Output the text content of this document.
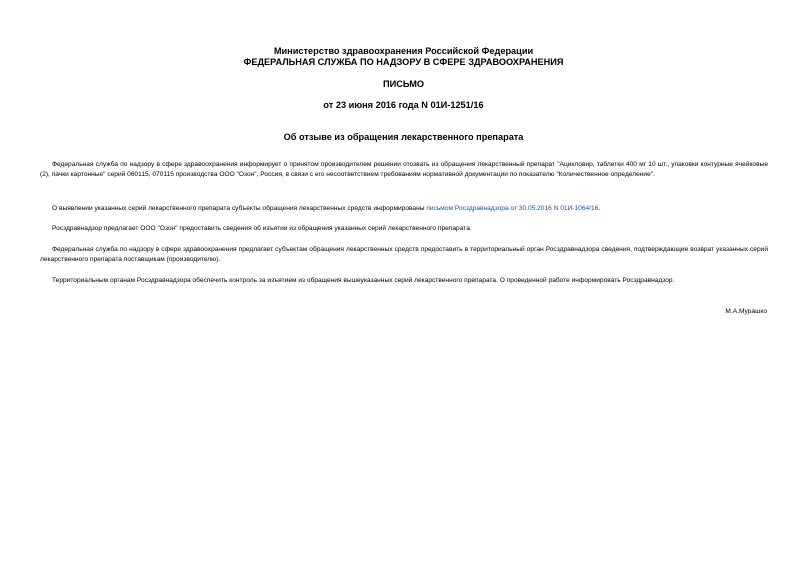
Министерство здравоохранения Российской Федерации
ФЕДЕРАЛЬНАЯ СЛУЖБА ПО НАДЗОРУ В СФЕРЕ ЗДРАВООХРАНЕНИЯ
ПИСЬМО
от 23 июня 2016 года N 01И-1251/16
Об отзыве из обращения лекарственного препарата

Федеральная служба по надзору в сфере здравоохранения информирует о принятом производителем решении отозвать из обращения лекарственный препарат "Ацикловир, таблетки 400 мг 10 шт., упаковки контурные ячейковые (2), пачки картонные" серий 060115, 070115 производства ООО "Озон", Россия, в связи с его несоответствием требованиям нормативной документации по показателю "Количественное определение".

О выявлении указанных серий лекарственного препарата субъекты обращения лекарственных средств информированы письмом Росздравнадзора от 30.05.2016 N 01И-1064/16.

Росздравнадзор предлагает ООО "Озон" предоставить сведения об изъятии из обращения указанных серий лекарственного препарата.

Федеральная служба по надзору в сфере здравоохранения предлагает субъектам обращения лекарственных средств предоставить в территориальный орган Росздравнадзора сведения, подтверждающие возврат указанных серий лекарственного препарата поставщикам (производителю).

Территориальным органам Росздравнадзора обеспечить контроль за изъятием из обращения вышеуказанных серий лекарственного препарата. О проведенной работе информировать Росздравнадзор.

М.А.Мурашко
